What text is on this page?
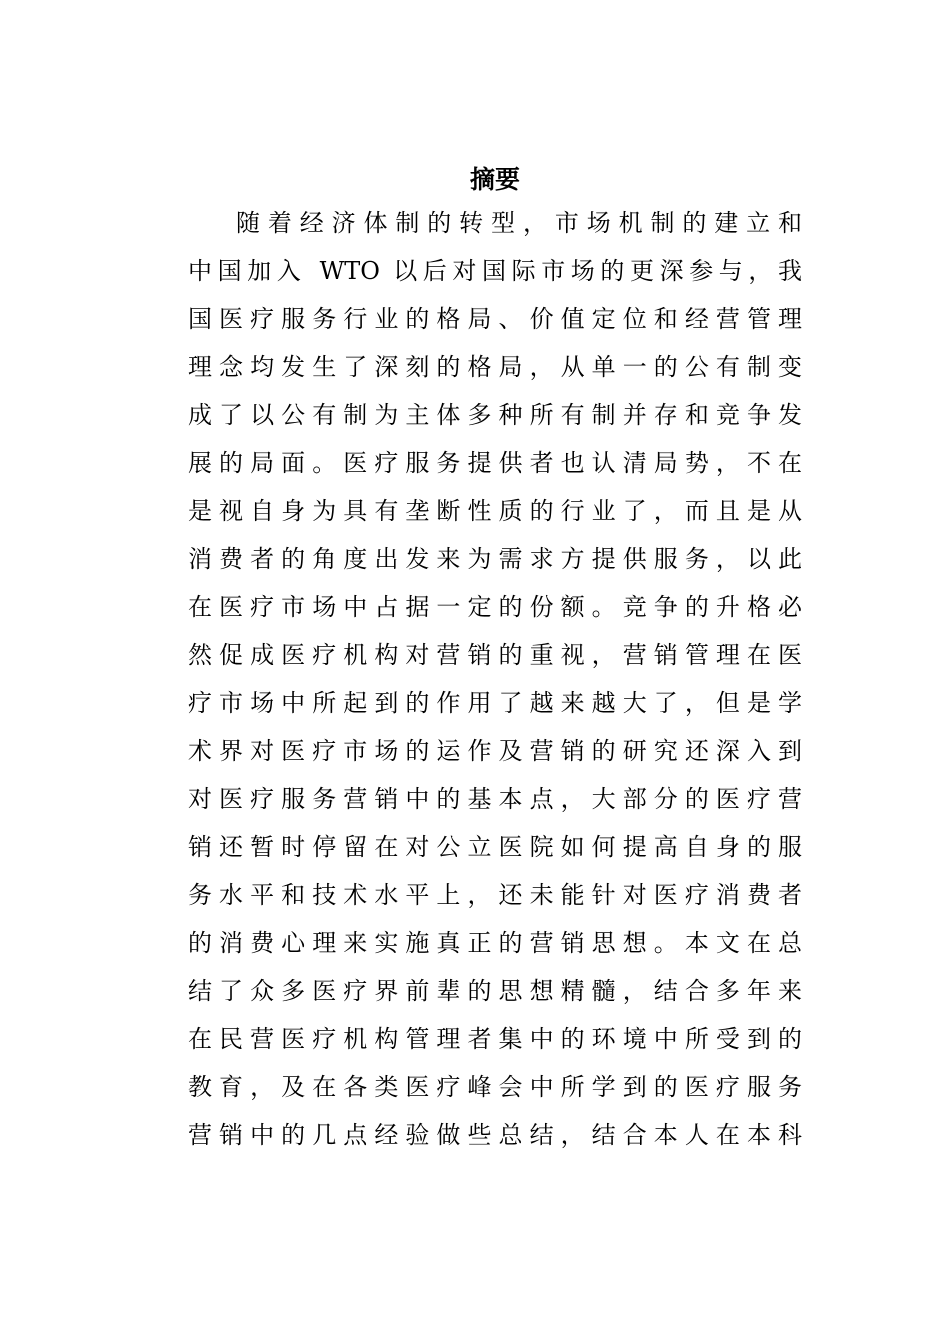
摘要
随着经济体制的转型，市场机制的建立和
中国加入 WTO 以后对国际市场的更深参与，我
国医疗服务行业的格局、价值定位和经营管理
理念均发生了深刻的格局，从单一的公有制变
成了以公有制为主体多种所有制并存和竞争发
展的局面。医疗服务提供者也认清局势，不在
是视自身为具有垄断性质的行业了，而且是从
消费者的角度出发来为需求方提供服务，以此
在医疗市场中占据一定的份额。竞争的升格必
然促成医疗机构对营销的重视，营销管理在医
疗市场中所起到的作用了越来越大了，但是学
术界对医疗市场的运作及营销的研究还深入到
对医疗服务营销中的基本点，大部分的医疗营
销还暂时停留在对公立医院如何提高自身的服
务水平和技术水平上，还未能针对医疗消费者
的消费心理来实施真正的营销思想。本文在总
结了众多医疗界前辈的思想精髓，结合多年来
在民营医疗机构管理者集中的环境中所受到的
教育，及在各类医疗峰会中所学到的医疗服务
营销中的几点经验做些总结，结合本人在本科
